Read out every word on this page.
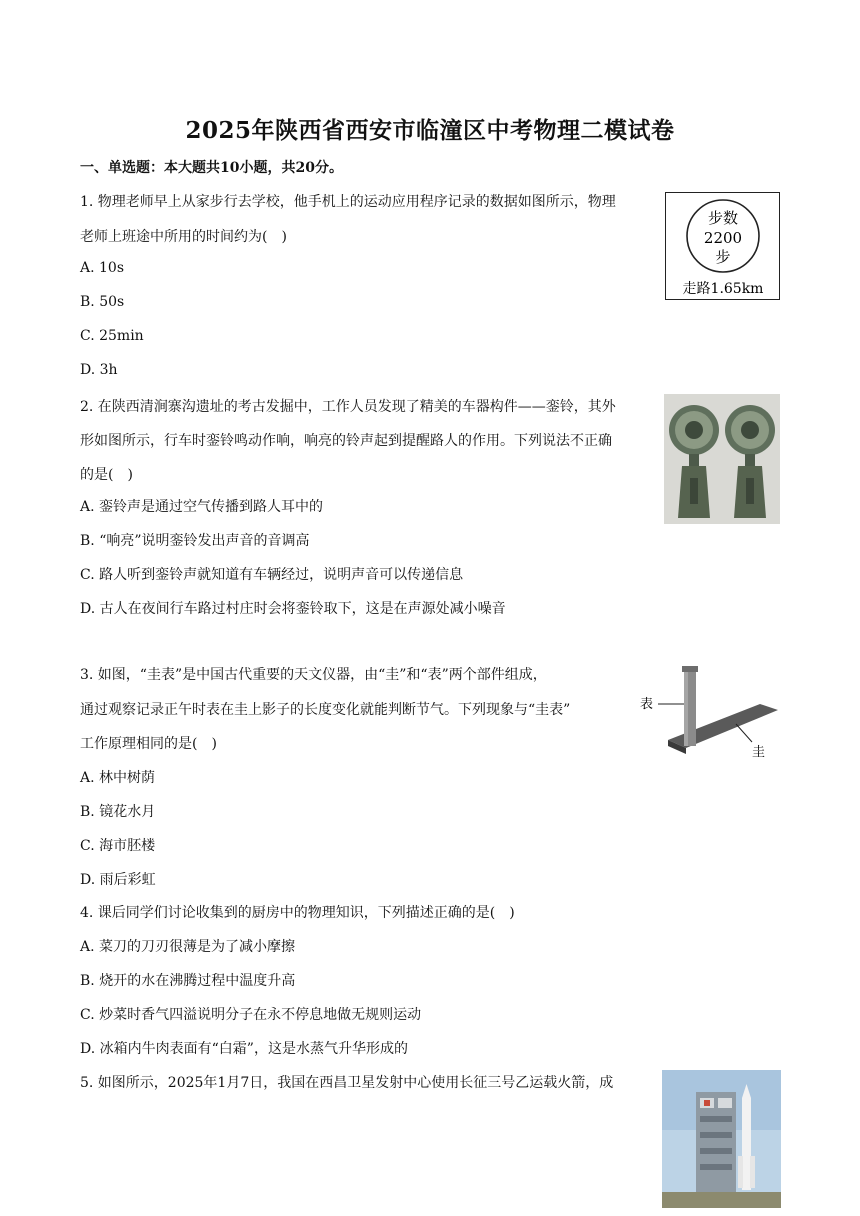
2025年陕西省西安市临潼区中考物理二模试卷
一、单选题：本大题共10小题，共20分。
1. 物理老师早上从家步行去学校，他手机上的运动应用程序记录的数据如图所示，物理
老师上班途中所用的时间约为(　)
A. 10s
B. 50s
C. 25min
D. 3h
步数
2200
步
走路1.65km
2. 在陕西清涧寨沟遗址的考古发掘中，工作人员发现了精美的车器构件——銮铃，其外
形如图所示，行车时銮铃鸣动作响，响亮的铃声起到提醒路人的作用。下列说法不正确
的是(　)
A. 銮铃声是通过空气传播到路人耳中的
B. “响亮”说明銮铃发出声音的音调高
C. 路人听到銮铃声就知道有车辆经过，说明声音可以传递信息
D. 古人在夜间行车路过村庄时会将銮铃取下，这是在声源处减小噪音
3. 如图，“圭表”是中国古代重要的天文仪器，由“圭”和“表”两个部件组成，
通过观察记录正午时表在圭上影子的长度变化就能判断节气。下列现象与“圭表”
工作原理相同的是(　)
A. 林中树荫
B. 镜花水月
C. 海市胚楼
D. 雨后彩虹
表
圭
4. 课后同学们讨论收集到的厨房中的物理知识，下列描述正确的是(　)
A. 菜刀的刀刃很薄是为了减小摩擦
B. 烧开的水在沸腾过程中温度升高
C. 炒菜时香气四溢说明分子在永不停息地做无规则运动
D. 冰箱内牛肉表面有“白霜”，这是水蒸气升华形成的
5. 如图所示，2025年1月7日，我国在西昌卫星发射中心使用长征三号乙运载火箭，成
